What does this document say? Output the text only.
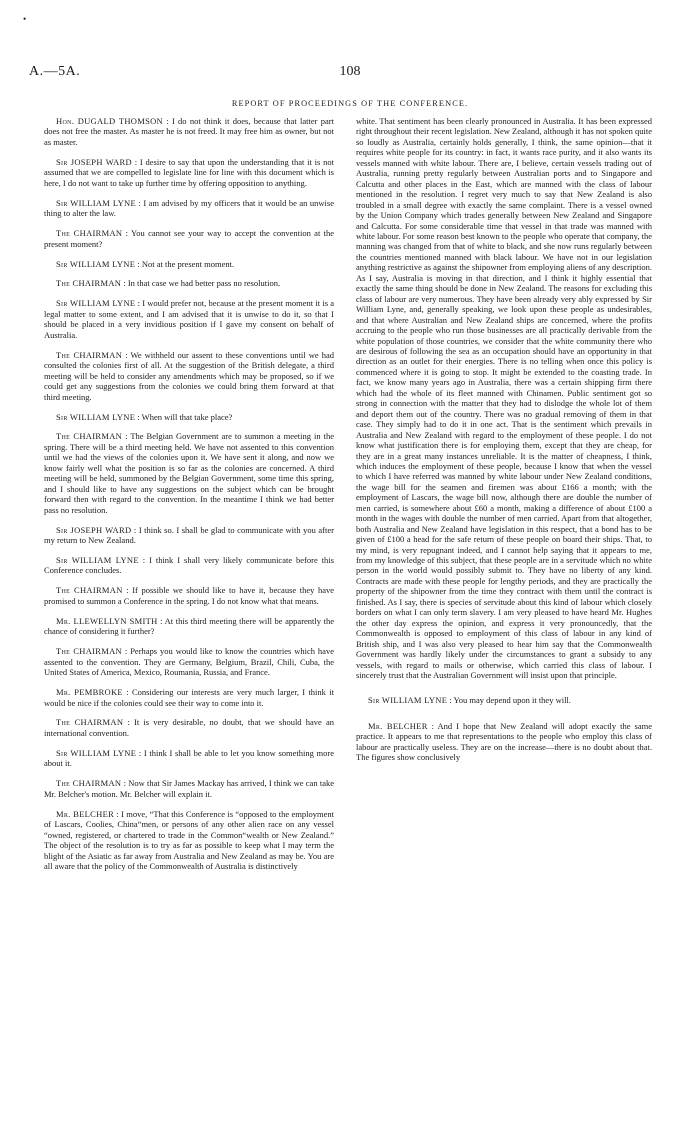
•
A.—5A.	108
REPORT OF PROCEEDINGS OF THE CONFERENCE.

Hon. DUGALD THOMSON : I do not think it does, because that latter part does not free the master. As master he is not freed. It may free him as owner, but not as master.

Sir JOSEPH WARD : I desire to say that upon the understanding that it is not assumed that we are compelled to legislate line for line with this document which is here, I do not want to take up further time by offering opposition to anything.

Sir WILLIAM LYNE : I am advised by my officers that it would be an unwise thing to alter the law.

The CHAIRMAN : You cannot see your way to accept the convention at the present moment?

Sir WILLIAM LYNE : Not at the present moment.

The CHAIRMAN : In that case we had better pass no resolution.

Sir WILLIAM LYNE : I would prefer not, because at the present moment it is a legal matter to some extent, and I am advised that it is unwise to do it, so that I should be placed in a very invidious position if I gave my consent on behalf of Australia.

The CHAIRMAN : We withheld our assent to these conventions until we had consulted the colonies first of all. At the suggestion of the British delegate, a third meeting will be held to consider any amendments which may be proposed, so if we could get any suggestions from the colonies we could bring them forward at that third meeting.

Sir WILLIAM LYNE : When will that take place?

The CHAIRMAN : The Belgian Government are to summon a meeting in the spring. There will be a third meeting held. We have not assented to this convention until we had the views of the colonies upon it. We have sent it along, and now we know fairly well what the position is so far as the colonies are concerned. A third meeting will be held, summoned by the Belgian Government, some time this spring, and I should like to have any suggestions on the subject which can be brought forward then with regard to the convention. In the meantime I think we had better pass no resolution.

Sir JOSEPH WARD : I think so. I shall be glad to communicate with you after my return to New Zealand.

Sir WILLIAM LYNE : I think I shall very likely communicate before this Conference concludes.

The CHAIRMAN : If possible we should like to have it, because they have promised to summon a Conference in the spring. I do not know what that means.

Mr. LLEWELLYN SMITH : At this third meeting there will be apparently the chance of considering it further?

The CHAIRMAN : Perhaps you would like to know the countries which have assented to the convention. They are Germany, Belgium, Brazil, Chili, Cuba, the United States of America, Mexico, Roumania, Russia, and France.

Mr. PEMBROKE : Considering our interests are very much larger, I think it would be nice if the colonies could see their way to come into it.

The CHAIRMAN : It is very desirable, no doubt, that we should have an international convention.

Sir WILLIAM LYNE : I think I shall be able to let you know something more about it.

The CHAIRMAN : Now that Sir James Mackay has arrived, I think we can take Mr. Belcher's motion. Mr. Belcher will explain it.

Mr. BELCHER : I move, “That this Conference is “opposed to the employment of Lascars, Coolies, China“men, or persons of any other alien race on any vessel “owned, registered, or chartered to trade in the Common“wealth or New Zealand.” The object of the resolution is to try as far as possible to keep what I may term the blight of the Asiatic as far away from Australia and New Zealand as may be. You are all aware that the policy of the Commonwealth of Australia is distinctively

white. That sentiment has been clearly pronounced in Australia. It has been expressed right throughout their recent legislation. New Zealand, although it has not spoken quite so loudly as Australia, certainly holds generally, I think, the same opinion—that it requires white people for its country: in fact, it wants race purity, and it also wants its vessels manned with white labour. There are, I believe, certain vessels trading out of Australia, running pretty regularly between Australian ports and to Singapore and Calcutta and other places in the East, which are manned with the class of labour mentioned in the resolution. I regret very much to say that New Zealand is also troubled in a small degree with exactly the same complaint. There is a vessel owned by the Union Company which trades generally between New Zealand and Singapore and Calcutta. For some considerable time that vessel in that trade was manned with white labour. For some reason best known to the people who operate that company, the manning was changed from that of white to black, and she now runs regularly between the countries mentioned manned with black labour. We have not in our legislation anything restrictive as against the shipowner from employing aliens of any description. As I say, Australia is moving in that direction, and I think it highly essential that exactly the same thing should be done in New Zealand. The reasons for excluding this class of labour are very numerous. They have been already very ably expressed by Sir William Lyne, and, generally speaking, we look upon these people as undesirables, and that where Australian and New Zealand ships are concerned, where the profits accruing to the people who run those businesses are all practically derivable from the white population of those countries, we consider that the white community there who are desirous of following the sea as an occupation should have an opportunity in that direction as an outlet for their energies. There is no telling when once this policy is commenced where it is going to stop. It might be extended to the coasting trade. In fact, we know many years ago in Australia, there was a certain shipping firm there which had the whole of its fleet manned with Chinamen. Public sentiment got so strong in connection with the matter that they had to dislodge the whole lot of them and deport them out of the country. There was no gradual removing of them in that case. They simply had to do it in one act. That is the sentiment which prevails in Australia and New Zealand with regard to the employment of these people. I do not know what justification there is for employing them, except that they are cheap, for they are in a great many instances unreliable. It is the matter of cheapness, I think, which induces the employment of these people, because I know that when the vessel to which I have referred was manned by white labour under New Zealand conditions, the wage bill for the seamen and firemen was about £166 a month; with the employment of Lascars, the wage bill now, although there are double the number of men carried, is somewhere about £60 a month, making a difference of about £100 a month in the wages with double the number of men carried. Apart from that altogether, both Australia and New Zealand have legislation in this respect, that a bond has to be given of £100 a head for the safe return of these people on board their ships. That, to my mind, is very repugnant indeed, and I cannot help saying that it appears to me, from my knowledge of this subject, that these people are in a servitude which no white person in the world would possibly submit to. They have no liberty of any kind. Contracts are made with these people for lengthy periods, and they are practically the property of the shipowner from the time they contract with them until the contract is finished. As I say, there is species of servitude about this kind of labour which closely borders on what I can only term slavery. I am very pleased to have heard Mr. Hughes the other day express the opinion, and express it very pronouncedly, that the Commonwealth is opposed to employment of this class of labour in any kind of British ship, and I was also very pleased to hear him say that the Commonwealth Government was hardly likely under the circumstances to grant a subsidy to any vessels, with regard to mails or otherwise, which carried this class of labour. I sincerely trust that the Australian Government will insist upon that principle.

Sir WILLIAM LYNE : You may depend upon it they will.

Mr. BELCHER : And I hope that New Zealand will adopt exactly the same practice. It appears to me that representations to the people who employ this class of labour are practically useless. They are on the increase—there is no doubt about that. The figures show conclusively
